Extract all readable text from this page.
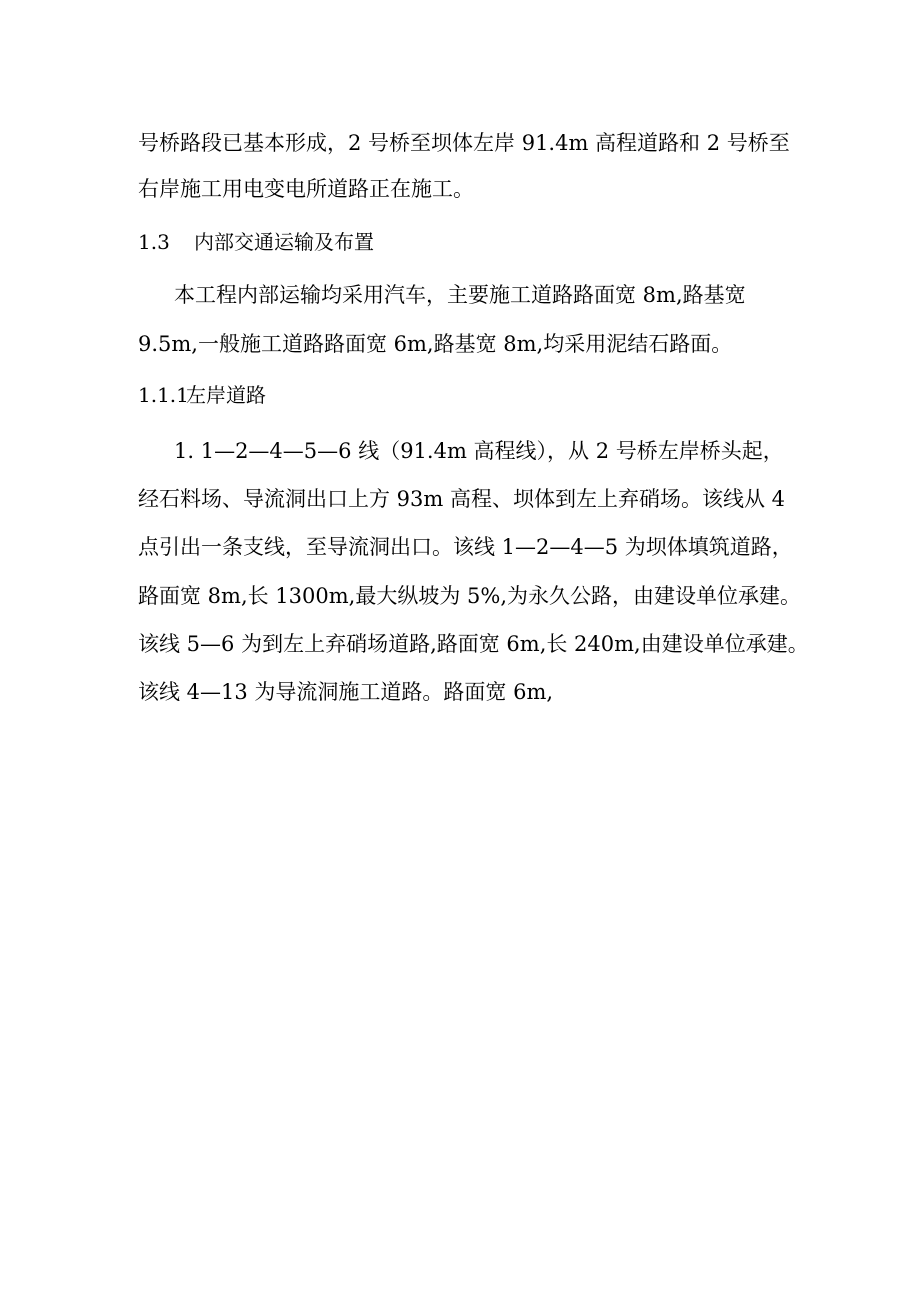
号桥路段已基本形成，2 号桥至坝体左岸 91.4m 高程道路和 2 号桥至
右岸施工用电变电所道路正在施工。
1.3 内部交通运输及布置
本工程内部运输均采用汽车，主要施工道路路面宽 8m,路基宽
9.5m,一般施工道路路面宽 6m,路基宽 8m,均采用泥结石路面。
1.1.1左岸道路
1. 1—2—4—5—6 线（91.4m 高程线），从 2 号桥左岸桥头起，
经石料场、导流洞出口上方 93m 高程、坝体到左上弃硝场。该线从 4
点引出一条支线，至导流洞出口。该线 1—2—4—5 为坝体填筑道路，
路面宽 8m,长 1300m,最大纵坡为 5%,为永久公路，由建设单位承建。
该线 5—6 为到左上弃硝场道路,路面宽 6m,长 240m,由建设单位承建。
该线 4—13 为导流洞施工道路。路面宽 6m,
